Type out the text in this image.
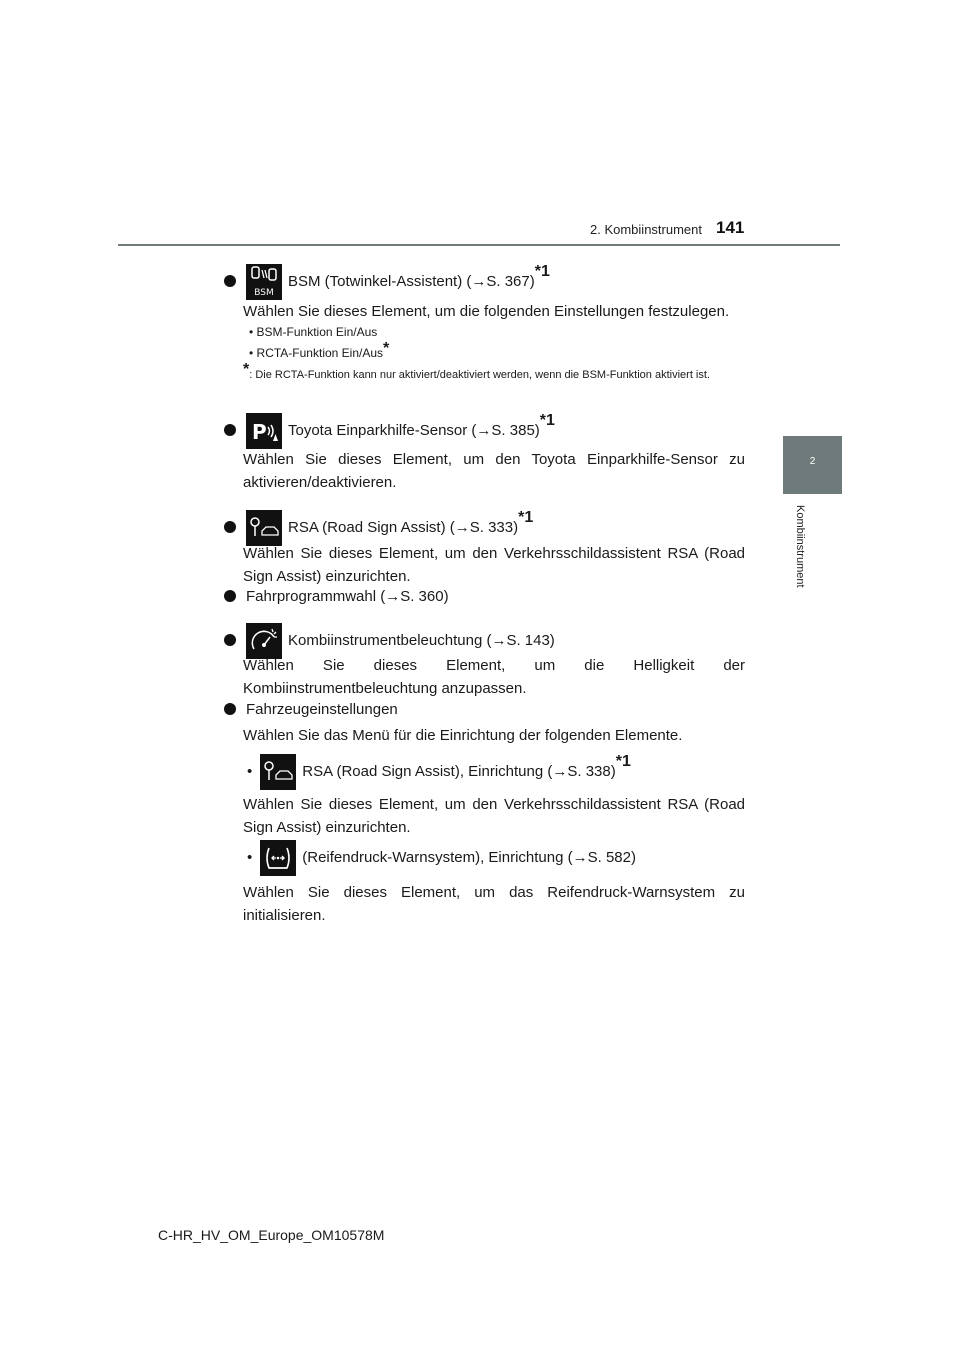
2. Kombiinstrument 141
2
Kombiinstrument
BSM
BSM (Totwinkel-Assistent) (→S. 367)$^{*1}$
Wählen Sie dieses Element, um die folgenden Einstellungen festzulegen.
• BSM-Funktion Ein/Aus
• RCTA-Funktion Ein/Aus*
*: Die RCTA-Funktion kann nur aktiviert/deaktiviert werden, wenn die BSM-Funktion aktiviert ist.
P Toyota Einparkhilfe-Sensor (→S. 385)$^{*1}$
Wählen Sie dieses Element, um den Toyota Einparkhilfe-Sensor zu aktivieren/deaktivieren.
RSA (Road Sign Assist) (→S. 333)$^{*1}$
Wählen Sie dieses Element, um den Verkehrsschildassistent RSA (Road Sign Assist) einzurichten.
Fahrprogrammwahl (→S. 360)
Kombiinstrumentbeleuchtung (→S. 143)
Wählen Sie dieses Element, um die Helligkeit der Kombiinstrumentbeleuchtung anzupassen.
Fahrzeugeinstellungen
Wählen Sie das Menü für die Einrichtung der folgenden Elemente.
•	RSA (Road Sign Assist), Einrichtung (→S. 338)$^{*1}$
Wählen Sie dieses Element, um den Verkehrsschildassistent RSA (Road Sign Assist) einzurichten.
•	(Reifendruck-Warnsystem), Einrichtung (→S. 582)
Wählen Sie dieses Element, um das Reifendruck-Warnsystem zu initialisieren.
C-HR_HV_OM_Europe_OM10578M
